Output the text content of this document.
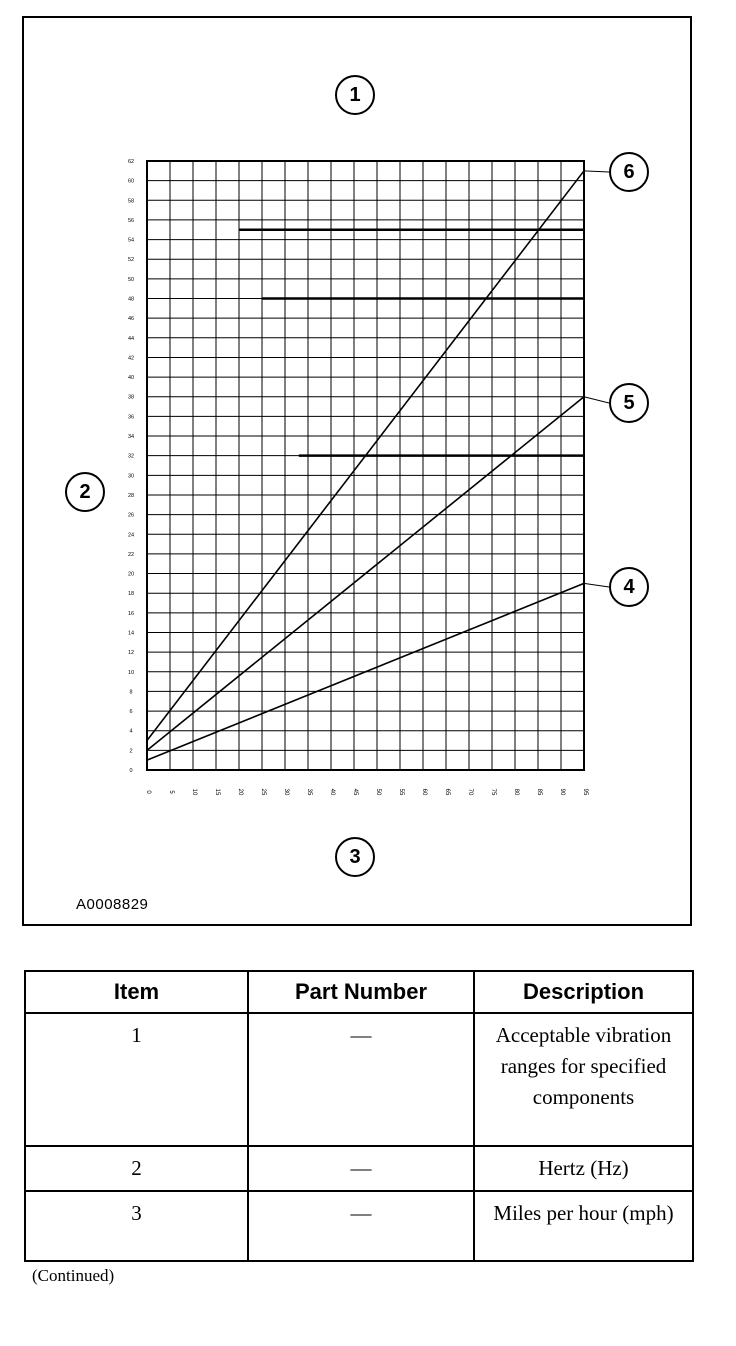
0	5	10	15	20	25	30	35	40	45	50	55	60	65	70	75	80	85	90	95
0
2
4
6
8
10
12
14
16
18
20
22
24
26
28
30
32
34
36
38
40
42
44
46
48
50
52
54
56
58
60
62
1
2
3
4
5
6
A0008829
Item	Part Number	Description
1	—	Acceptable vibration ranges for specified components
2	—	Hertz (Hz)
3	—	Miles per hour (mph)
(Continued)
